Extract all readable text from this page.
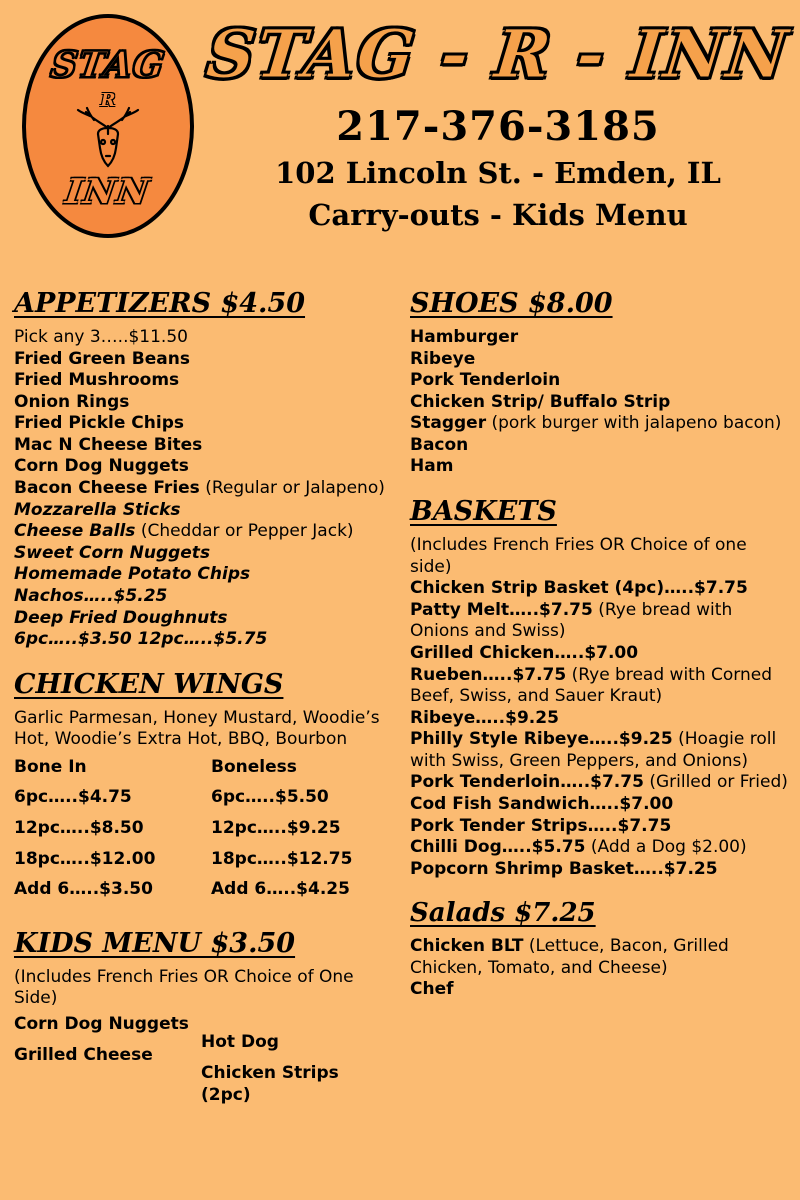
STAG
R
INN
STAG - R - INN
217-376-3185
102 Lincoln St. - Emden, IL
Carry-outs - Kids Menu
APPETIZERS $4.50
Pick any 3…..$11.50
Fried Green Beans
Fried Mushrooms
Onion Rings
Fried Pickle Chips
Mac N Cheese Bites
Corn Dog Nuggets
Bacon Cheese Fries (Regular or Jalapeno)
Mozzarella Sticks
Cheese Balls (Cheddar or Pepper Jack)
Sweet Corn Nuggets
Homemade Potato Chips
Nachos…..$5.25
Deep Fried Doughnuts
6pc…..$3.50 12pc…..$5.75
CHICKEN WINGS
Garlic Parmesan, Honey Mustard, Woodie’s Hot, Woodie’s Extra Hot, BBQ, Bourbon
Bone In
6pc…..$4.75
12pc…..$8.50
18pc…..$12.00
Add 6…..$3.50
Boneless
6pc…..$5.50
12pc…..$9.25
18pc…..$12.75
Add 6…..$4.25
KIDS MENU $3.50
(Includes French Fries OR Choice of One Side)
Corn Dog Nuggets
Grilled Cheese
Hot Dog
Chicken Strips (2pc)
SHOES $8.00
Hamburger
Ribeye
Pork Tenderloin
Chicken Strip/ Buffalo Strip
Stagger (pork burger with jalapeno bacon)
Bacon
Ham
BASKETS
(Includes French Fries OR Choice of one side)
Chicken Strip Basket (4pc)…..$7.75
Patty Melt…..$7.75 (Rye bread with Onions and Swiss)
Grilled Chicken…..$7.00
Rueben…..$7.75 (Rye bread with Corned Beef, Swiss, and Sauer Kraut)
Ribeye…..$9.25
Philly Style Ribeye…..$9.25 (Hoagie roll with Swiss, Green Peppers, and Onions)
Pork Tenderloin…..$7.75 (Grilled or Fried)
Cod Fish Sandwich…..$7.00
Pork Tender Strips…..$7.75
Chilli Dog…..$5.75 (Add a Dog $2.00)
Popcorn Shrimp Basket…..$7.25
Salads $7.25
Chicken BLT (Lettuce, Bacon, Grilled Chicken, Tomato, and Cheese)
Chef
